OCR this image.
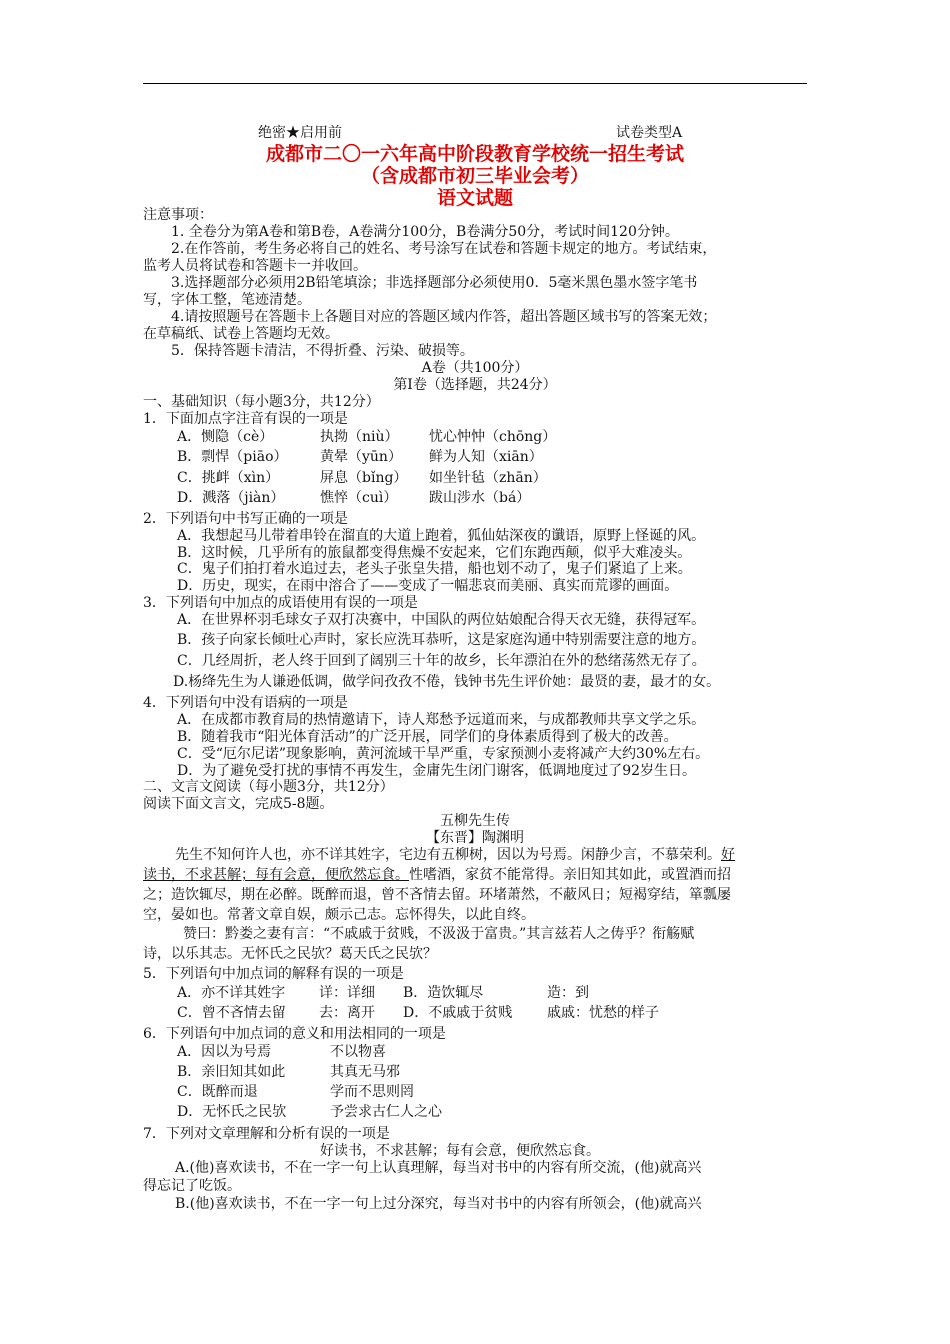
绝密★启用前	试卷类型A
成都市二〇一六年高中阶段教育学校统一招生考试
（含成都市初三毕业会考）
语文试题
注意事项：
1. 全卷分为第A卷和第B卷，A卷满分100分，B卷满分50分，考试时间120分钟。
2.在作答前，考生务必将自己的姓名、考号涂写在试卷和答题卡规定的地方。考试结束，
监考人员将试卷和答题卡一并收回。
3.选择题部分必须用2B铅笔填涂；非选择题部分必须使用0．5毫米黑色墨水签字笔书
写，字体工整，笔迹清楚。
4.请按照题号在答题卡上各题目对应的答题区域内作答，超出答题区域书写的答案无效；
在草稿纸、试卷上答题均无效。
5．保持答题卡清洁，不得折叠、污染、破损等。
A卷（共100分）
第Ⅰ卷（选择题，共24分）
一、基础知识（每小题3分，共12分）
1．下面加点字注音有误的一项是
A．恻隐（cè）	执拗（niù） 忧心忡忡（chōng）
B．剽悍（piāo） 黄晕（yūn） 鲜为人知（xiān）
C．挑衅（xìn）	屏息（bǐng） 如坐针毡（zhān）
D．溅落（jiàn）	憔悴（cuì） 跋山涉水（bá）
2．下列语句中书写正确的一项是
A．我想起马儿带着串铃在溜直的大道上跑着，狐仙姑深夜的谶语，原野上怪诞的风。
B．这时候，几乎所有的旅鼠都变得焦燥不安起来，它们东跑西颠，似乎大难凌头。
C．鬼子们拍打着水追过去，老头子张皇失措，船也划不动了，鬼子们紧追了上来。
D．历史，现实，在雨中溶合了——变成了一幅悲哀而美丽、真实而荒谬的画面。
3．下列语句中加点的成语使用有误的一项是
A．在世界杯羽毛球女子双打决赛中，中国队的两位姑娘配合得天衣无缝，获得冠军。
B．孩子向家长倾吐心声时，家长应洗耳恭听，这是家庭沟通中特别需要注意的地方。
C．几经周折，老人终于回到了阔别三十年的故乡，长年漂泊在外的愁绪荡然无存了。
D.杨绛先生为人谦逊低调，做学问孜孜不倦，钱钟书先生评价她：最贤的妻，最才的女。
4．下列语句中没有语病的一项是
A．在成都市教育局的热情邀请下，诗人郑愁予远道而来，与成都教师共享文学之乐。
B．随着我市“阳光体育活动”的广泛开展，同学们的身体素质得到了极大的改善。
C．受“厄尔尼诺”现象影响，黄河流域干旱严重，专家预测小麦将减产大约30%左右。
D．为了避免受打扰的事情不再发生，金庸先生闭门谢客，低调地度过了92岁生日。
二、文言文阅读（每小题3分，共12分）
阅读下面文言文，完成5-8题。
五柳先生传
【东晋】陶渊明
先生不知何许人也，亦不详其姓字，宅边有五柳树，因以为号焉。闲静少言，不慕荣利。好
读书，不求甚解；每有会意，便欣然忘食。性嗜酒，家贫不能常得。亲旧知其如此，或置酒而招
之；造饮辄尽，期在必醉。既醉而退，曾不吝情去留。环堵萧然，不蔽风日；短褐穿结，箪瓢屡
空，晏如也。常著文章自娱，颇示己志。忘怀得失，以此自终。
赞曰：黔娄之妻有言：“不戚戚于贫贱，不汲汲于富贵。”其言兹若人之俦乎？衔觞赋
诗，以乐其志。无怀氏之民欤？葛天氏之民欤？
5．下列语句中加点词的解释有误的一项是
A．亦不详其姓字 详：详细 B．造饮辄尽	造：到
C．曾不吝情去留 去：离开 D．不戚戚于贫贱 戚戚：忧愁的样子
6．下列语句中加点词的意义和用法相同的一项是
A．因以为号焉	不以物喜
B．亲旧知其如此	其真无马邪
C．既醉而退	学而不思则罔
D．无怀氏之民欤	予尝求古仁人之心
7．下列对文章理解和分析有误的一项是
好读书，不求甚解；每有会意，便欣然忘食。
A.(他)喜欢读书，不在一字一句上认真理解，每当对书中的内容有所交流，(他)就高兴
得忘记了吃饭。
B.(他)喜欢读书，不在一字一句上过分深究，每当对书中的内容有所领会，(他)就高兴
